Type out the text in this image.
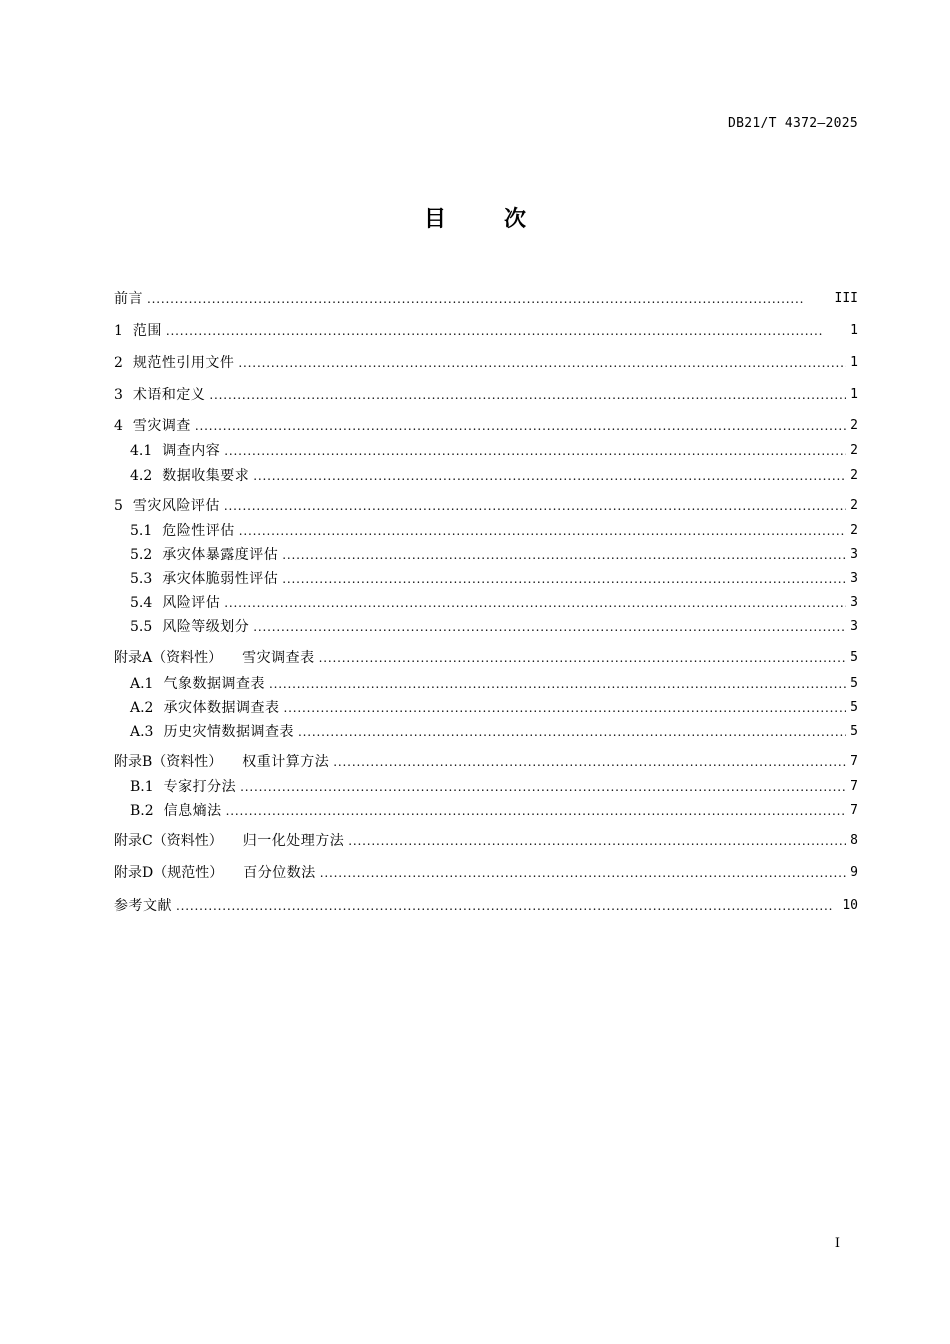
DB21/T 4372—2025
目次
前言 . . .	III
1 范围 . . .	1
2 规范性引用文件 . . .	1
3 术语和定义 . . .	1
4 雪灾调查 . . .	2
4.1 调查内容 . . .	2
4.2 数据收集要求 . . .	2
5 雪灾风险评估 . . .	2
5.1 危险性评估 . . .	2
5.2 承灾体暴露度评估 . . .	3
5.3 承灾体脆弱性评估 . . .	3
5.4 风险评估 . . .	3
5.5 风险等级划分 . . .	3
附录A（资料性）	雪灾调查表 . . .	5
A.1 气象数据调查表 . . .	5
A.2 承灾体数据调查表 . . .	5
A.3 历史灾情数据调查表 . . .	5
附录B（资料性）	权重计算方法 . . .	7
B.1 专家打分法 . . .	7
B.2 信息熵法 . . .	7
附录C（资料性）	归一化处理方法 . . .	8
附录D（规范性）	百分位数法 . . .	9
参考文献 . . .	10
I
